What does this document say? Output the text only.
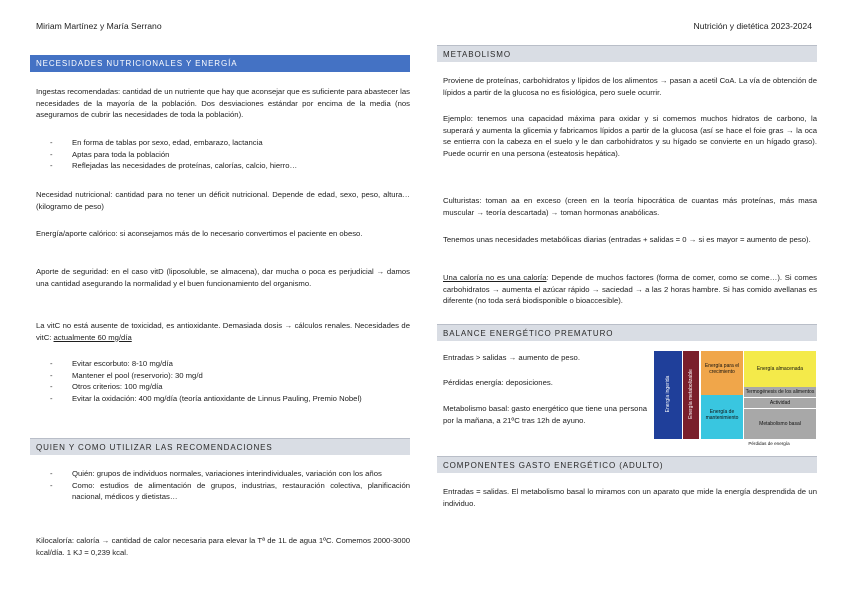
Miriam Martínez y María Serrano	Nutrición y dietética 2023-2024
NECESIDADES NUTRICIONALES Y ENERGÍA
Ingestas recomendadas: cantidad de un nutriente que hay que aconsejar que es suficiente para abastecer las necesidades de la mayoría de la población. Dos desviaciones estándar por encima de la media (nos aseguramos de cubrir las necesidades de toda la población).
-	En forma de tablas por sexo, edad, embarazo, lactancia
-	Aptas para toda la población
-	Reflejadas las necesidades de proteínas, calorías, calcio, hierro…
Necesidad nutricional: cantidad para no tener un déficit nutricional. Depende de edad, sexo, peso, altura… (kilogramo de peso)
Energía/aporte calórico: si aconsejamos más de lo necesario convertimos el paciente en obeso.
Aporte de seguridad: en el caso vitD (liposoluble, se almacena), dar mucha o poca es perjudicial → damos una cantidad asegurando la normalidad y el buen funcionamiento del organismo.
La vitC no está ausente de toxicidad, es antioxidante. Demasiada dosis → cálculos renales. Necesidades de vitC: actualmente 60 mg/día
-	Evitar escorbuto: 8-10 mg/día
-	Mantener el pool (reservorio): 30 mg/d
-	Otros criterios: 100 mg/día
-	Evitar la oxidación: 400 mg/día (teoría antioxidante de Linnus Pauling, Premio Nobel)
QUIEN Y COMO UTILIZAR LAS RECOMENDACIONES
-	Quién: grupos de individuos normales, variaciones interindividuales, variación con los años
-	Como: estudios de alimentación de grupos, industrias, restauración colectiva, planificación nacional, médicos y dietistas…
Kilocaloría: caloría → cantidad de calor necesaria para elevar la Tª de 1L de agua 1ºC. Comemos 2000-3000 kcal/día. 1 KJ = 0,239 kcal.
METABOLISMO
Proviene de proteínas, carbohidratos y lípidos de los alimentos → pasan a acetil CoA. La vía de obtención de lípidos a partir de la glucosa no es fisiológica, pero suele ocurrir.
Ejemplo: tenemos una capacidad máxima para oxidar y si comemos muchos hidratos de carbono, la superará y aumenta la glicemia y fabricamos lípidos a partir de la glucosa (así se hace el foie gras → la oca se entierra con la cabeza en el suelo y le dan carbohidratos y su hígado se convierte en un hígado graso). Puede ocurrir en una persona (esteatosis hepática).
Culturistas: toman aa en exceso (creen en la teoría hipocrática de cuantas más proteínas, más masa muscular → teoría descartada) → toman hormonas anabólicas.
Tenemos unas necesidades metabólicas diarias (entradas + salidas = 0 → si es mayor = aumento de peso).
Una caloría no es una caloría: Depende de muchos factores (forma de comer, como se come…). Si comes carbohidratos → aumenta el azúcar rápido → saciedad → a las 2 horas hambre. Si has comido avellanas es diferente (no toda será biodisponible o bioaccesible).
BALANCE ENERGÉTICO PREMATURO
Entradas > salidas → aumento de peso.
Pérdidas energía: deposiciones.
Metabolismo basal: gasto energético que tiene una persona por la mañana, a 21ºC tras 12h de ayuno.
Energía ingerida	Energía metabolizable
Energía para el crecimiento
Energía de mantenimiento
Energía almacenada
Termogénesis de los alimentos
Actividad
Metabolismo basal
Pérdidas de energía
COMPONENTES GASTO ENERGÉTICO (ADULTO)
Entradas = salidas. El metabolismo basal lo miramos con un aparato que mide la energía desprendida de un individuo.
